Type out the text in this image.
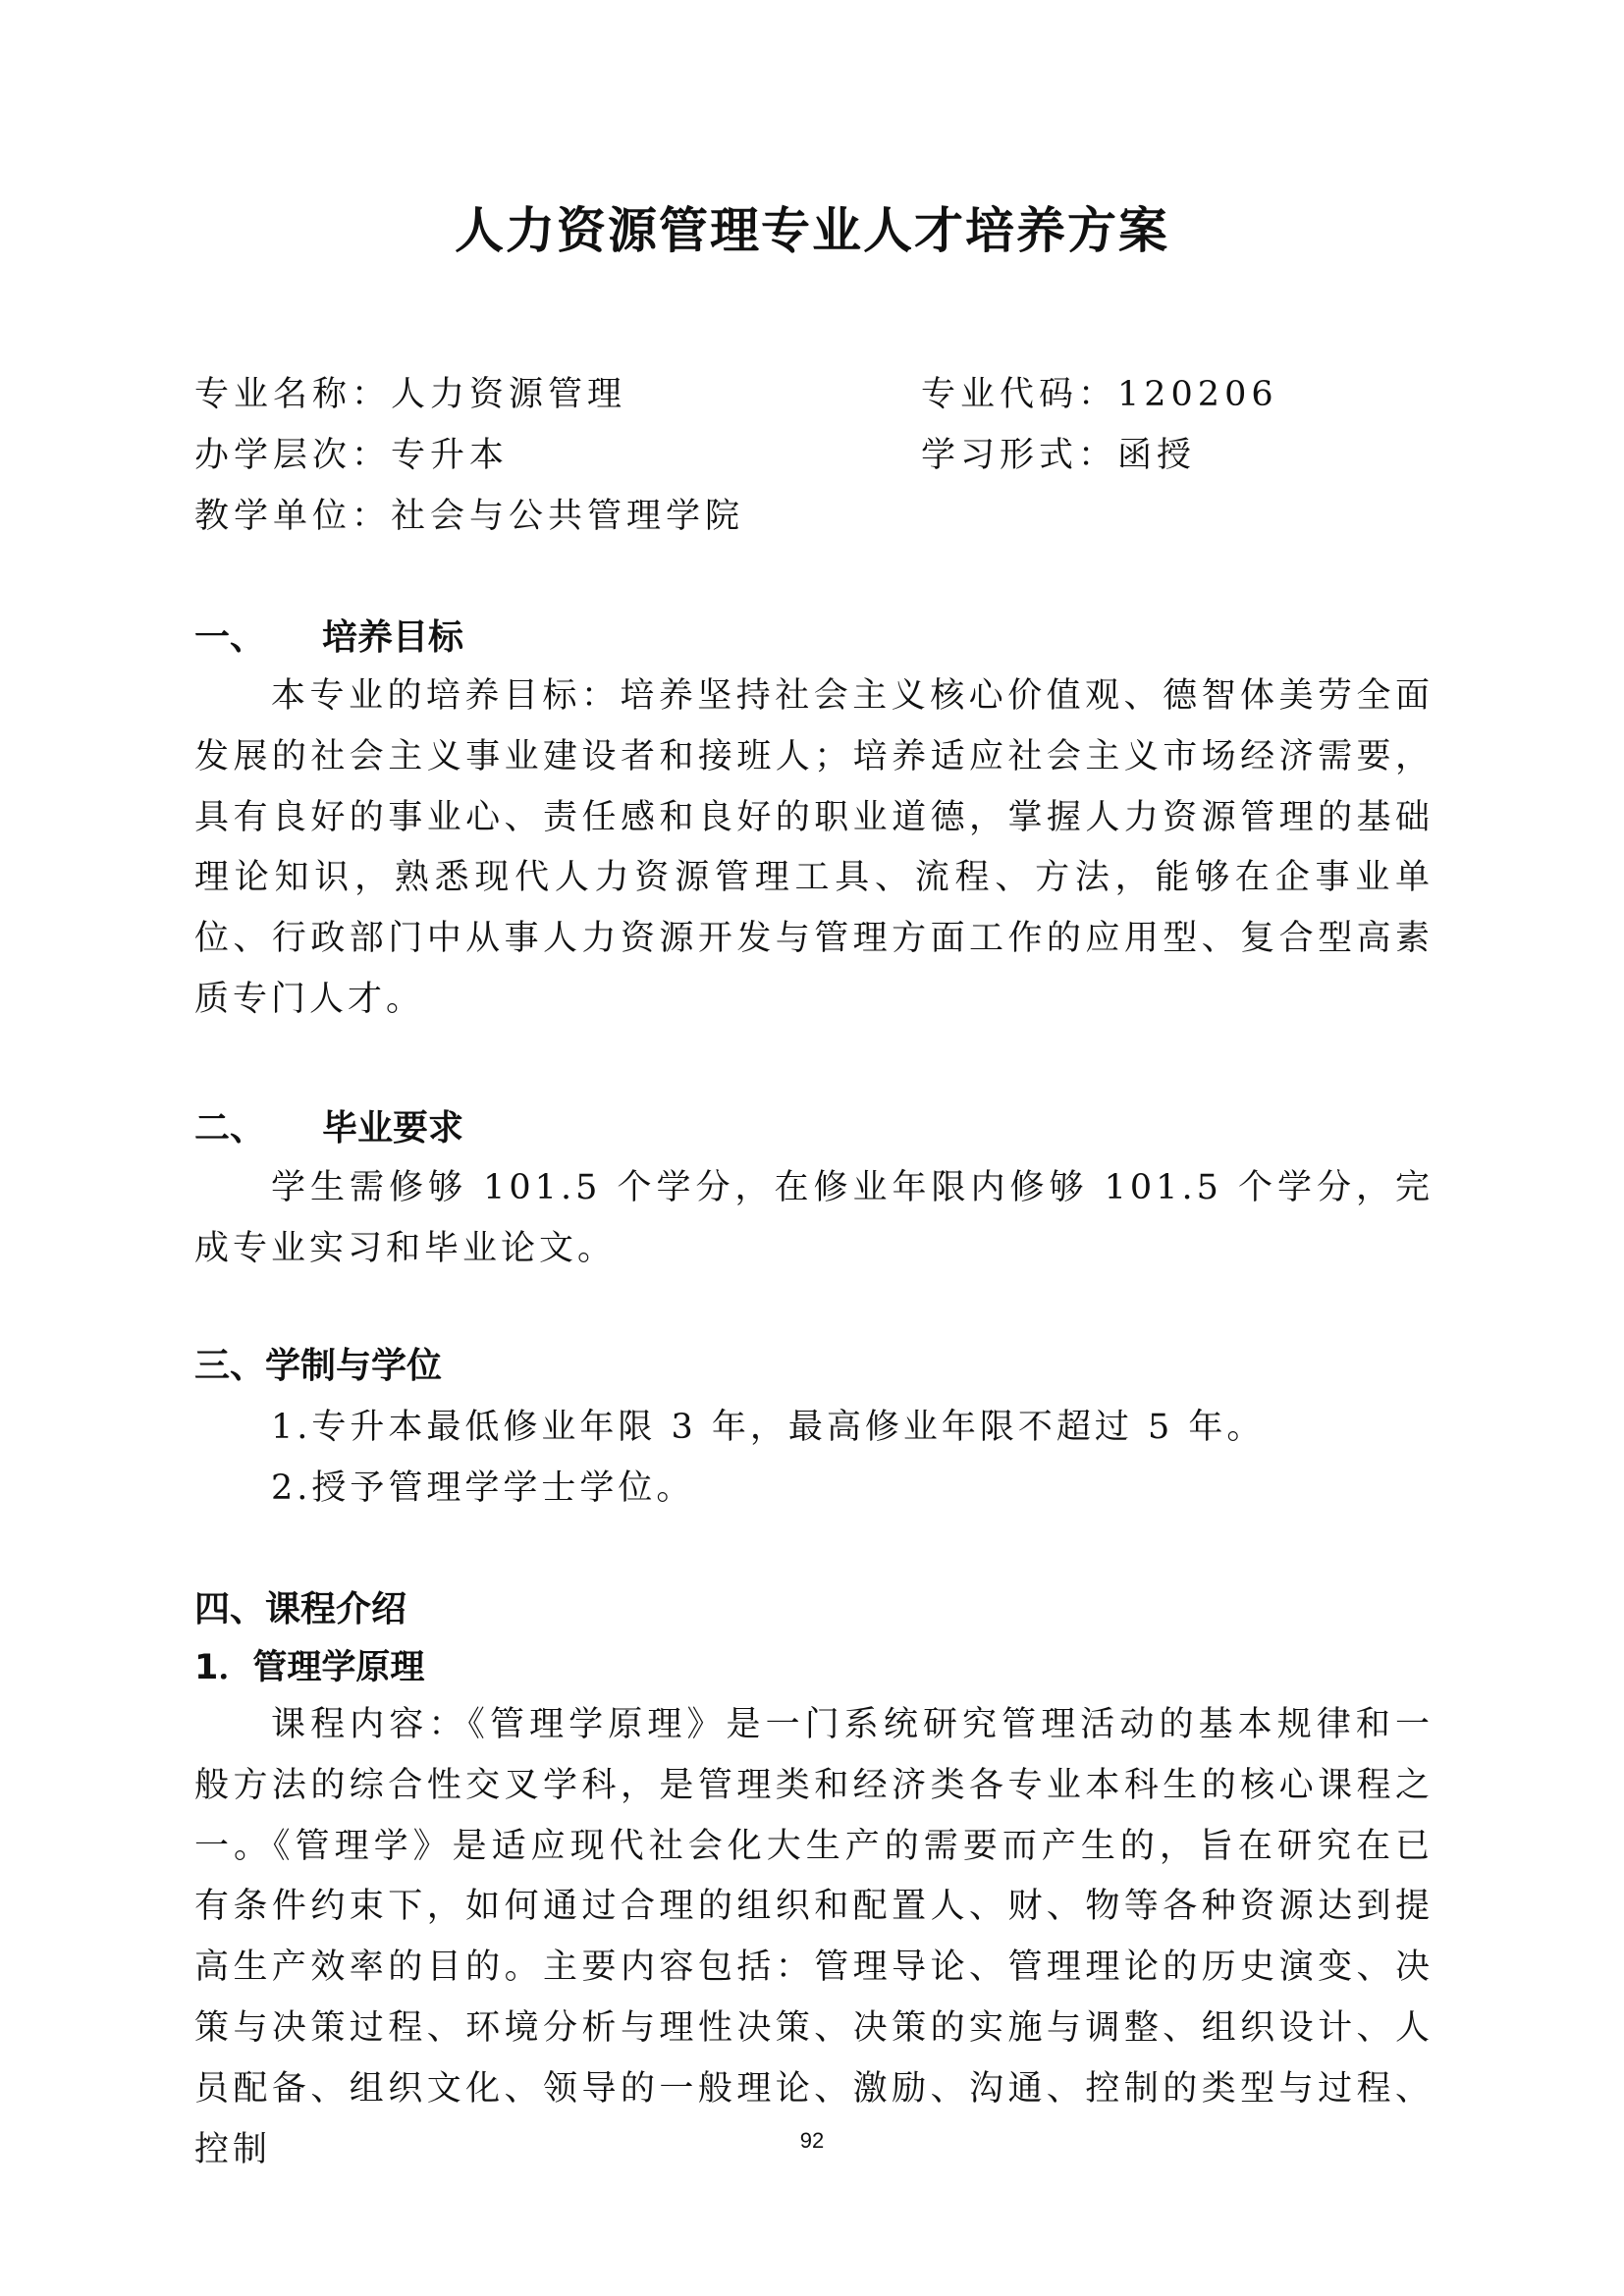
人力资源管理专业人才培养方案
专业名称：人力资源管理	专业代码：120206
办学层次：专升本	学习形式：函授
教学单位：社会与公共管理学院
一、 培养目标

本专业的培养目标：培养坚持社会主义核心价值观、德智体美劳全面发展的社会主义事业建设者和接班人；培养适应社会主义市场经济需要，具有良好的事业心、责任感和良好的职业道德，掌握人力资源管理的基础理论知识，熟悉现代人力资源管理工具、流程、方法，能够在企事业单位、行政部门中从事人力资源开发与管理方面工作的应用型、复合型高素质专门人才。

二、 毕业要求

学生需修够 101.5 个学分，在修业年限内修够 101.5 个学分，完成专业实习和毕业论文。

三、学制与学位
1.专升本最低修业年限 3 年，最高修业年限不超过 5 年。
2.授予管理学学士学位。
四、课程介绍
1．管理学原理

课程内容：《管理学原理》是一门系统研究管理活动的基本规律和一般方法的综合性交叉学科，是管理类和经济类各专业本科生的核心课程之一。《管理学》是适应现代社会化大生产的需要而产生的，旨在研究在已有条件约束下，如何通过合理的组织和配置人、财、物等各种资源达到提高生产效率的目的。主要内容包括：管理导论、管理理论的历史演变、决策与决策过程、环境分析与理性决策、决策的实施与调整、组织设计、人员配备、组织文化、领导的一般理论、激励、沟通、控制的类型与过程、控制	92
